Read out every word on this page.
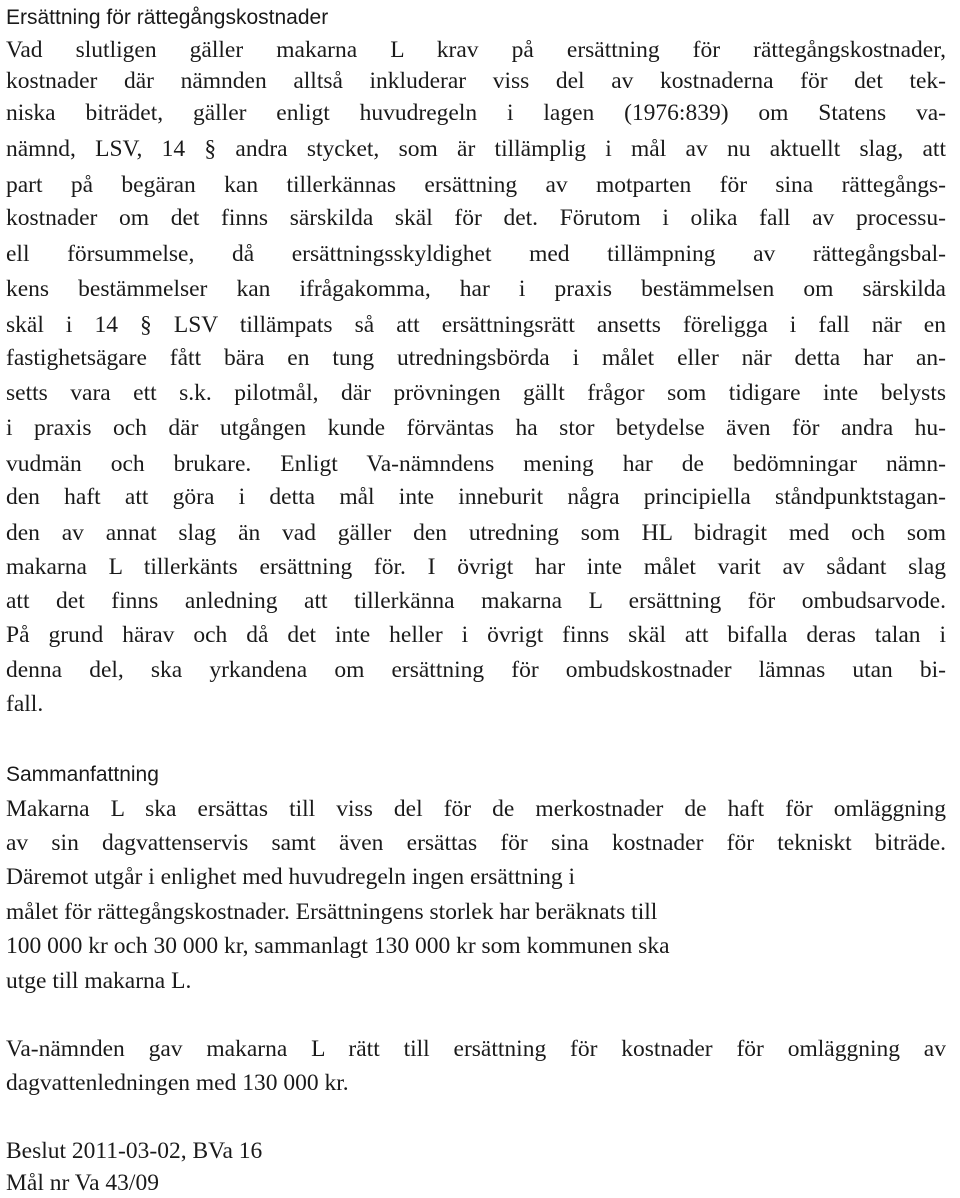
Ersättning för rättegångskostnader
Vad slutligen gäller makarna L krav på ersättning för rättegångskostnader,
kostnader där nämnden alltså inkluderar viss del av kostnaderna för det tek-
niska biträdet, gäller enligt huvudregeln i lagen (1976:839) om Statens va-
nämnd, LSV, 14 § andra stycket, som är tillämplig i mål av nu aktuellt slag, att
part på begäran kan tillerkännas ersättning av motparten för sina rättegångs-
kostnader om det finns särskilda skäl för det. Förutom i olika fall av processu-
ell försummelse, då ersättningsskyldighet med tillämpning av rättegångsbal-
kens bestämmelser kan ifrågakomma, har i praxis bestämmelsen om särskilda
skäl i 14 § LSV tillämpats så att ersättningsrätt ansetts föreligga i fall när en
fastighetsägare fått bära en tung utredningsbörda i målet eller när detta har an-
setts vara ett s.k. pilotmål, där prövningen gällt frågor som tidigare inte belysts
i praxis och där utgången kunde förväntas ha stor betydelse även för andra hu-
vudmän och brukare. Enligt Va-nämndens mening har de bedömningar nämn-
den haft att göra i detta mål inte inneburit några principiella ståndpunktstagan-
den av annat slag än vad gäller den utredning som HL bidragit med och som
makarna L tillerkänts ersättning för. I övrigt har inte målet varit av sådant slag
att det finns anledning att tillerkänna makarna L ersättning för ombudsarvode.
På grund härav och då det inte heller i övrigt finns skäl att bifalla deras talan i
denna del, ska yrkandena om ersättning för ombudskostnader lämnas utan bi-
fall.
Sammanfattning
Makarna L ska ersättas till viss del för de merkostnader de haft för omläggning
av sin dagvattenservis samt även ersättas för sina kostnader för tekniskt biträde.
Däremot utgår i enlighet med huvudregeln ingen ersättning i
målet för rättegångskostnader. Ersättningens storlek har beräknats till
100 000 kr och 30 000 kr, sammanlagt 130 000 kr som kommunen ska
utge till makarna L.
Va-nämnden gav makarna L rätt till ersättning för kostnader för omläggning av
dagvattenledningen med 130 000 kr.
Beslut 2011-03-02, BVa 16
Mål nr Va 43/09
